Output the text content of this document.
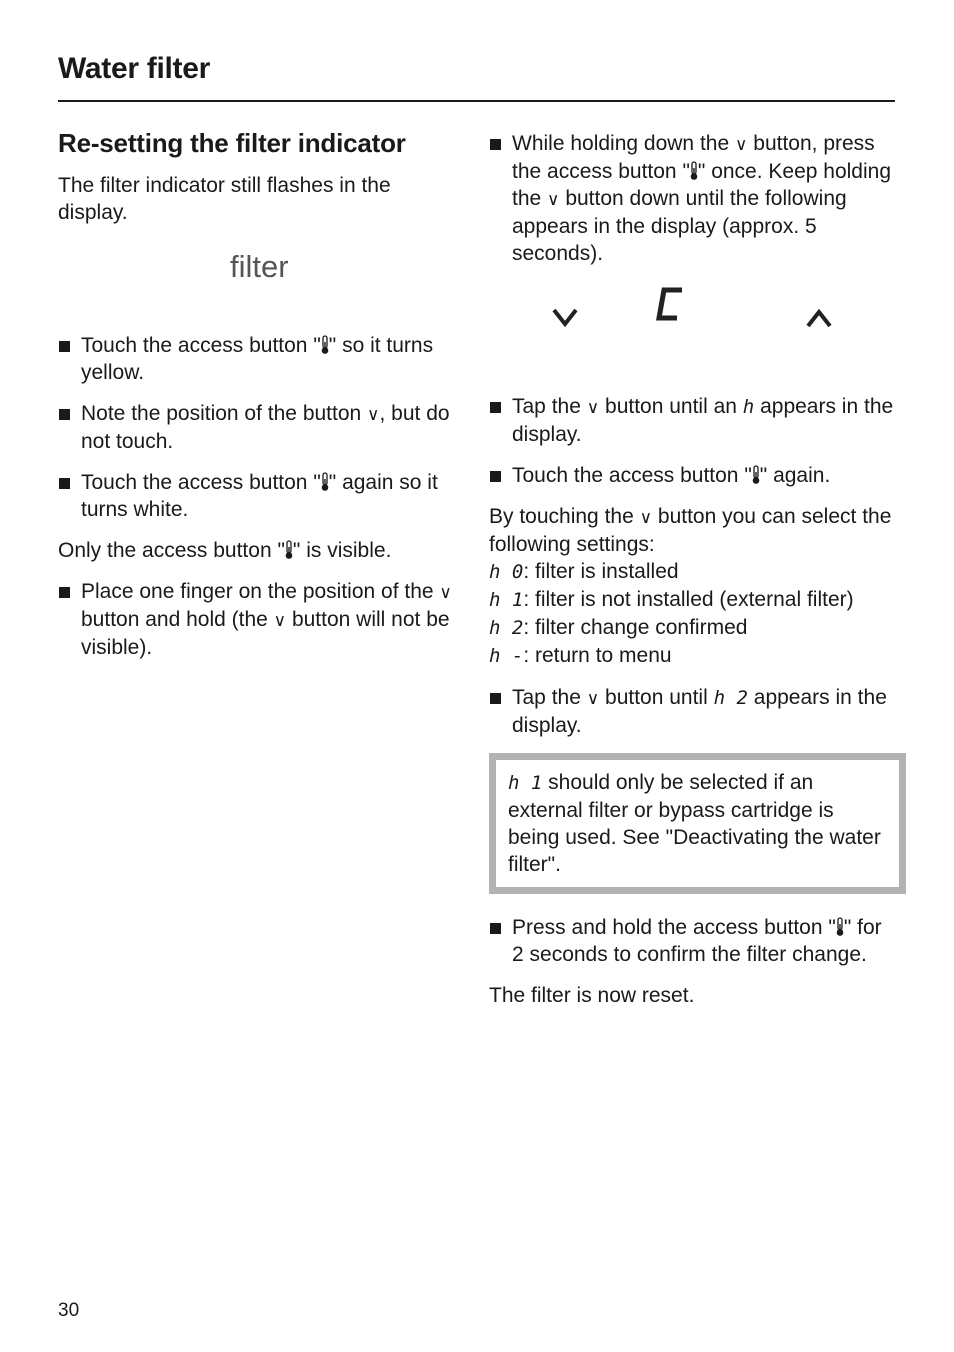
Water filter
Re-setting the filter indicator

The filter indicator still flashes in the display.

filter
Touch the access button " " so it turns yellow.
Note the position of the button ∨, but do not touch.
Touch the access button " " again so it turns white.

Only the access button " " is visible.

Place one finger on the position of the ∨ button and hold (the ∨ button will not be visible).
While holding down the ∨ button, press the access button " " once. Keep holding the ∨ button down until the following appears in the display (approx. 5 seconds).
Tap the ∨ button until an h appears in the display.
Touch the access button " " again.

By touching the ∨ button you can select the following settings:

h 0: filter is installed
h 1: filter is not installed (external filter)
h 2: filter change confirmed
h -: return to menu
Tap the ∨ button until h 2 appears in the display.
h 1 should only be selected if an external filter or bypass cartridge is being used. See "Deactivating the water filter".
Press and hold the access button " " for 2 seconds to confirm the filter change.

The filter is now reset.

30
